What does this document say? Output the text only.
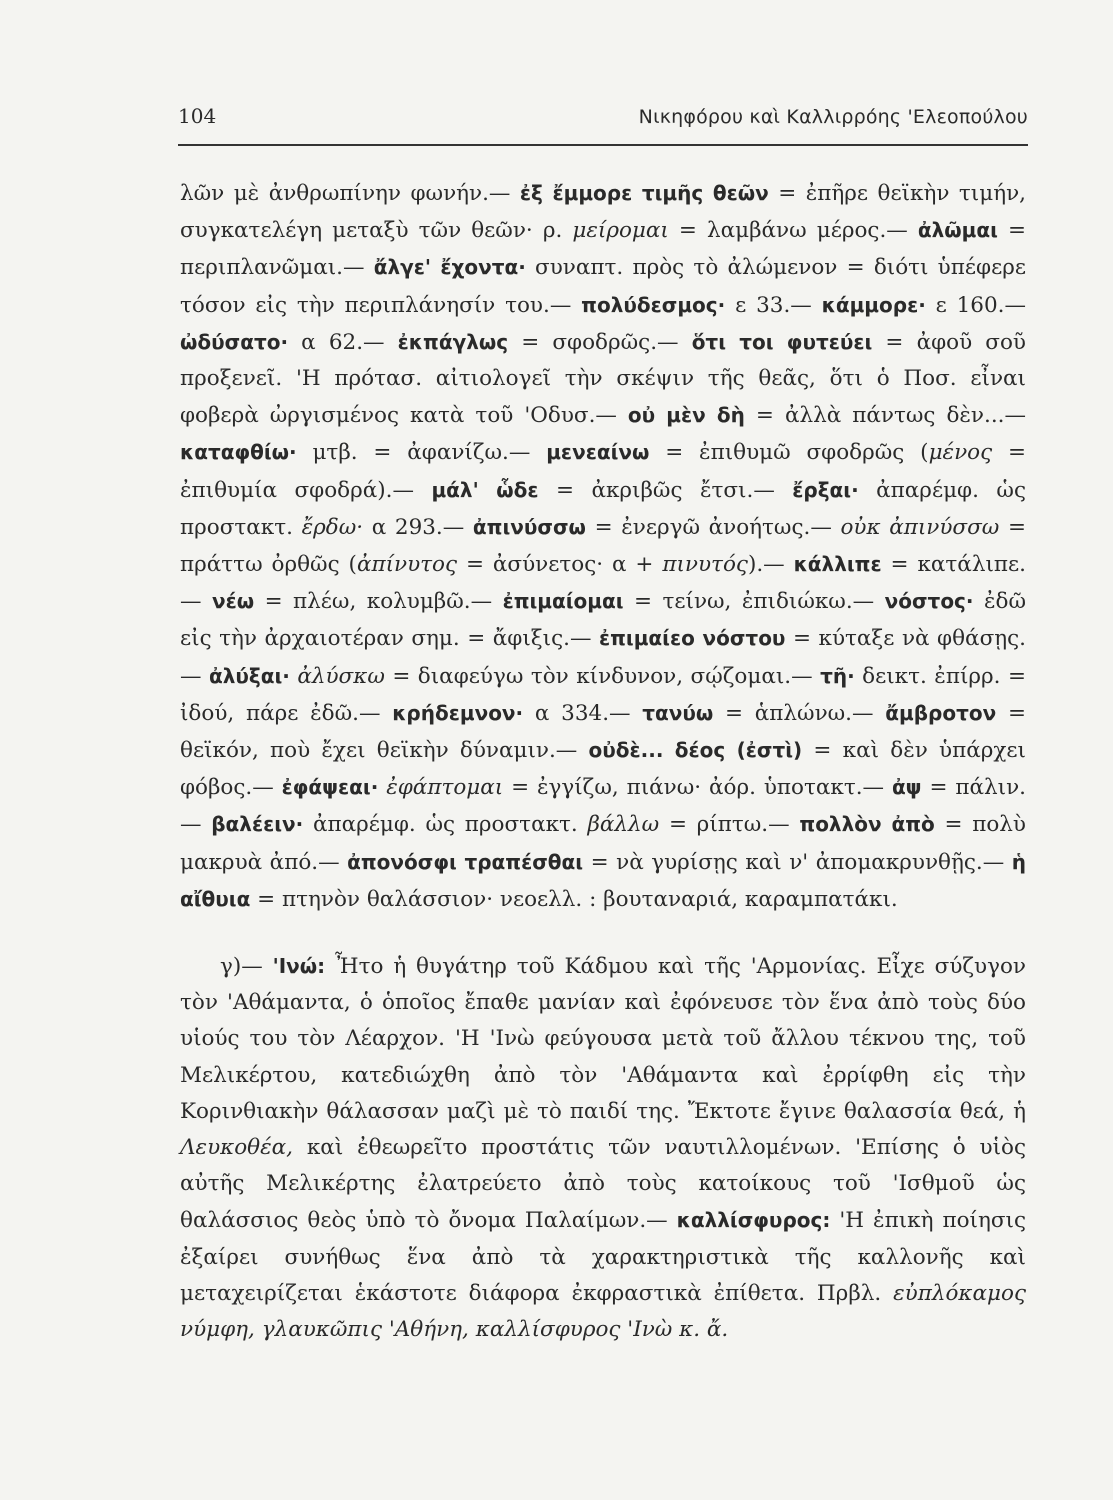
104	Νικηφόρου καὶ Καλλιρρόης 'Ελεοπούλου

λῶν μὲ ἀνθρωπίνην φωνήν.— ἐξ ἔμμορε τιμῆς θεῶν = ἐπῆρε θεϊκὴν τιμήν, συγκατελέγη μεταξὺ τῶν θεῶν· ρ. μείρομαι = λαμβάνω μέρος.— ἀλῶμαι = περιπλανῶμαι.— ἄλγε' ἔχοντα· συναπτ. πρὸς τὸ ἀλώμενον = διότι ὑπέφερε τόσον εἰς τὴν περιπλάνησίν του.— πολύδεσμος· ε 33.— κάμμορε· ε 160.— ὠδύσατο· α 62.— ἐκπάγλως = σφοδρῶς.— ὅτι τοι φυτεύει = ἀφοῦ σοῦ προξενεῖ. 'Η πρότασ. αἰτιολογεῖ τὴν σκέψιν τῆς θεᾶς, ὅτι ὁ Ποσ. εἶναι φοβερὰ ὠργισμένος κατὰ τοῦ 'Οδυσ.— οὐ μὲν δὴ = ἀλλὰ πάντως δὲν...— καταφθίω· μτβ. = ἀφανίζω.— μενεαίνω = ἐπιθυμῶ σφοδρῶς (μένος = ἐπιθυμία σφοδρά).— μάλ' ὧδε = ἀκριβῶς ἔτσι.— ἔρξαι· ἀπαρέμφ. ὡς προστακτ. ἔρδω· α 293.— ἀπινύσσω = ἐνεργῶ ἀνοήτως.— οὐκ ἀπινύσσω = πράττω ὀρθῶς (ἀπίνυτος = ἀσύνετος· α + πινυτός).— κάλλιπε = κατάλιπε.— νέω = πλέω, κολυμβῶ.— ἐπιμαίομαι = τείνω, ἐπιδιώκω.— νόστος· ἐδῶ εἰς τὴν ἀρχαιοτέραν σημ. = ἄφιξις.— ἐπιμαίεο νόστου = κύταξε νὰ φθάσῃς.— ἀλύξαι· ἀλύσκω = διαφεύγω τὸν κίνδυνον, σῴζομαι.— τῆ· δεικτ. ἐπίρρ. = ἰδού, πάρε ἐδῶ.— κρήδεμνον· α 334.— τανύω = ἁπλώνω.— ἄμβροτον = θεϊκόν, ποὺ ἔχει θεϊκὴν δύναμιν.— οὐδὲ... δέος (ἐστὶ) = καὶ δὲν ὑπάρχει φόβος.— ἐφάψεαι· ἐφάπτομαι = ἐγγίζω, πιάνω· ἀόρ. ὑποτακτ.— ἀψ = πάλιν.— βαλέειν· ἀπαρέμφ. ὡς προστακτ. βάλλω = ρίπτω.— πολλὸν ἀπὸ = πολὺ μακρυὰ ἀπό.— ἀπονόσφι τραπέσθαι = νὰ γυρίσῃς καὶ ν' ἀπομακρυνθῇς.— ἡ αἴθυια = πτηνὸν θαλάσσιον· νεοελλ. : βουταναριά, καραμπατάκι.

γ)— 'Ινώ: Ἦτο ἡ θυγάτηρ τοῦ Κάδμου καὶ τῆς 'Αρμονίας. Εἶχε σύζυγον τὸν 'Αθάμαντα, ὁ ὁποῖος ἔπαθε μανίαν καὶ ἐφόνευσε τὸν ἕνα ἀπὸ τοὺς δύο υἱούς του τὸν Λέαρχον. 'Η 'Ινὼ φεύγουσα μετὰ τοῦ ἄλλου τέκνου της, τοῦ Μελικέρτου, κατεδιώχθη ἀπὸ τὸν 'Αθάμαντα καὶ ἐρρίφθη εἰς τὴν Κορινθιακὴν θάλασσαν μαζὶ μὲ τὸ παιδί της. Ἔκτοτε ἔγινε θαλασσία θεά, ἡ Λευκοθέα, καὶ ἐθεωρεῖτο προστάτις τῶν ναυτιλλομένων. 'Επίσης ὁ υἱὸς αὐτῆς Μελικέρτης ἐλατρεύετο ἀπὸ τοὺς κατοίκους τοῦ 'Ισθμοῦ ὡς θαλάσσιος θεὸς ὑπὸ τὸ ὄνομα Παλαίμων.— καλλίσφυρος: 'Η ἐπικὴ ποίησις ἐξαίρει συνήθως ἕνα ἀπὸ τὰ χαρακτηριστικὰ τῆς καλλονῆς καὶ μεταχειρίζεται ἑκάστοτε διάφορα ἐκφραστικὰ ἐπίθετα. Πρβλ. εὐπλόκαμος νύμφη, γλαυκῶπις 'Αθήνη, καλλίσφυρος 'Ινὼ κ. ἄ.
